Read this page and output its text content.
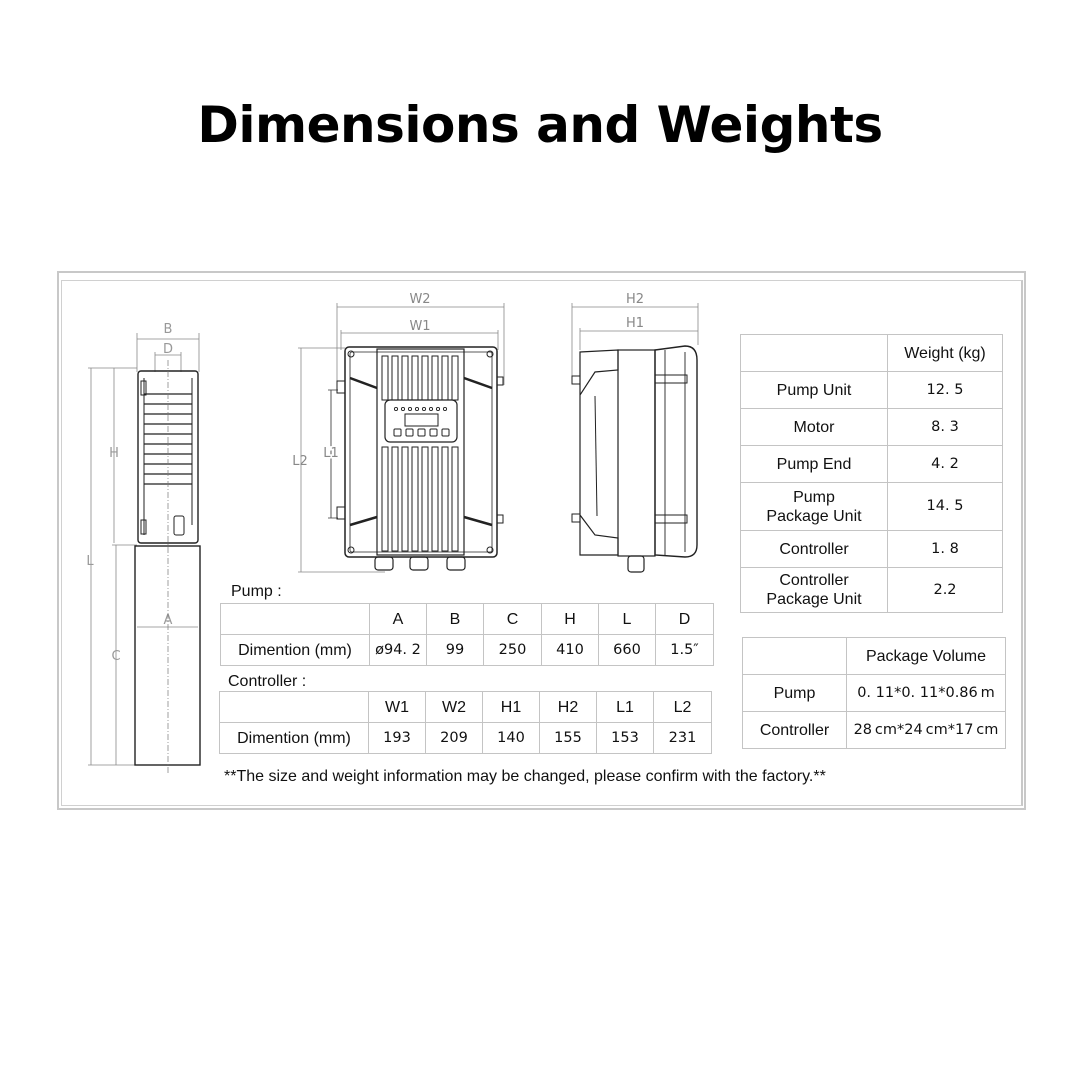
Dimensions and Weights
B
D
L
H
C
A
W2
W1
L2
L1
H2
H1
Pump :
	A	B	C	H	L	D
Dimention (mm)	ø94. 2	99	250	410	660	1.5″
Controller :
	W1	W2	H1	H2	L1	L2
Dimention (mm)	193	209	140	155	153	231
	Weight (kg)
Pump Unit	12. 5
Motor	8. 3
Pump End	4. 2

Pump
Package Unit	14. 5
Controller	1. 8

Controller
Package Unit	2.2
	Package Volume
Pump	0. 11*0. 11*0.86 m
Controller	28 cm*24 cm*17 cm
**The size and weight information may be changed, please confirm with the factory.**
